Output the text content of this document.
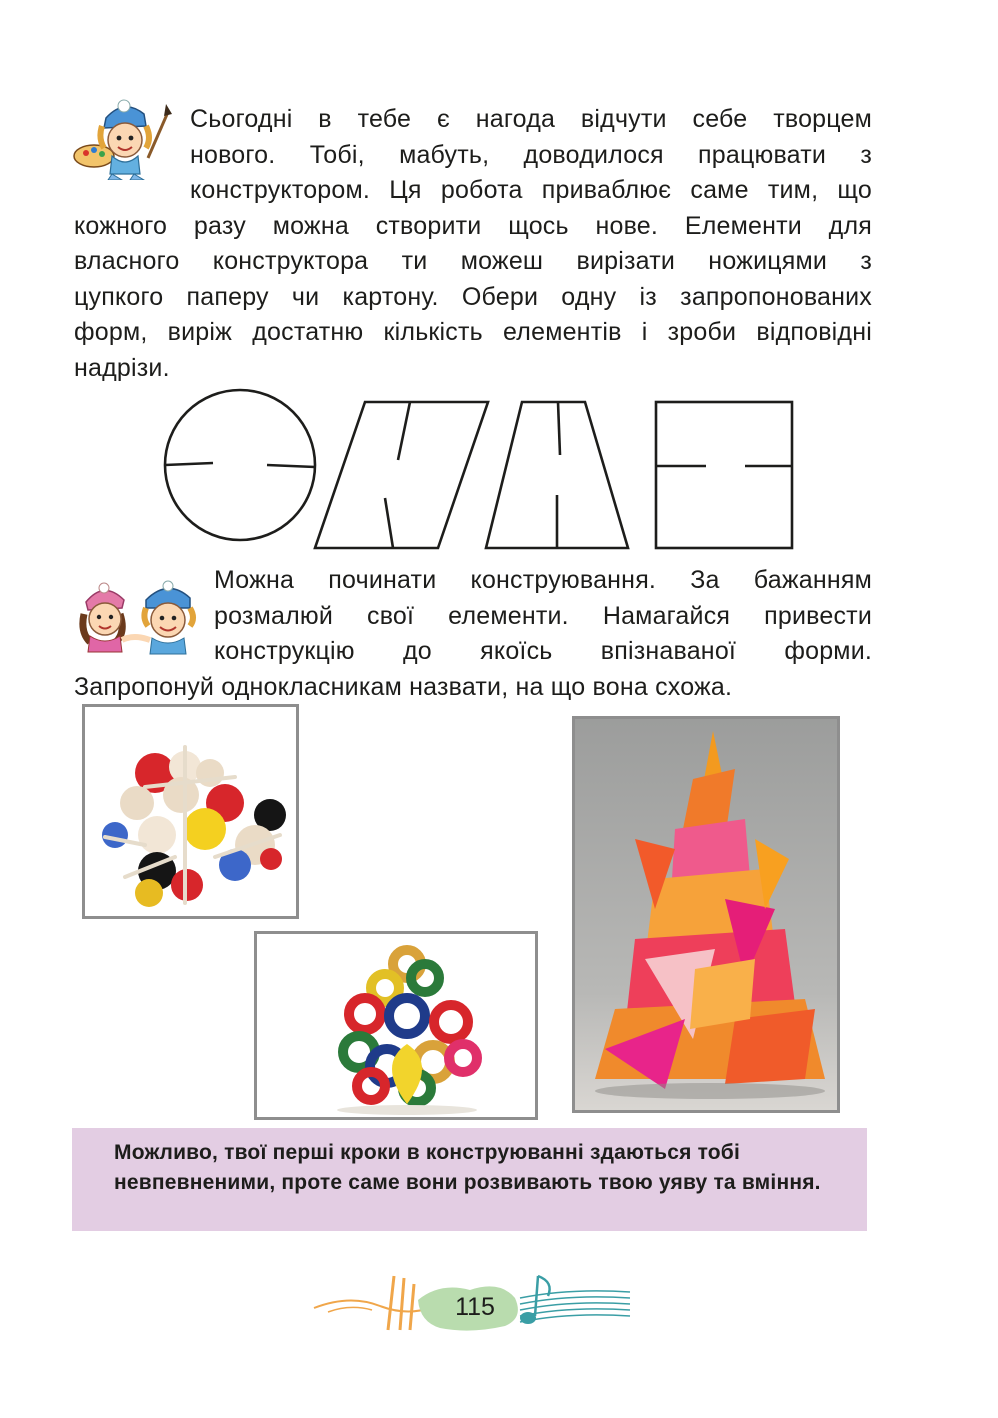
Сьогодні в тебе є нагода відчути себе творцем
нового. Тобі, мабуть, доводилося працювати з
конструктором. Ця робота приваблює саме тим, що
кожного разу можна створити щось нове. Елементи для
власного конструктора ти можеш вирізати ножицями з
цупкого паперу чи картону. Обери одну із запропонованих
форм, виріж достатню кількість елементів і зроби відповідні
надрізи.

Можна починати конструювання. За бажанням
розмалюй свої елементи. Намагайся привести
конструкцію до якоїсь впізнаваної форми.
Запропонуй однокласникам назвати, на що вона схожа.

Можливо, твої перші кроки в конструюванні здаються тобі невпевненими, проте саме вони розвивають твою уяву та вміння.
115
